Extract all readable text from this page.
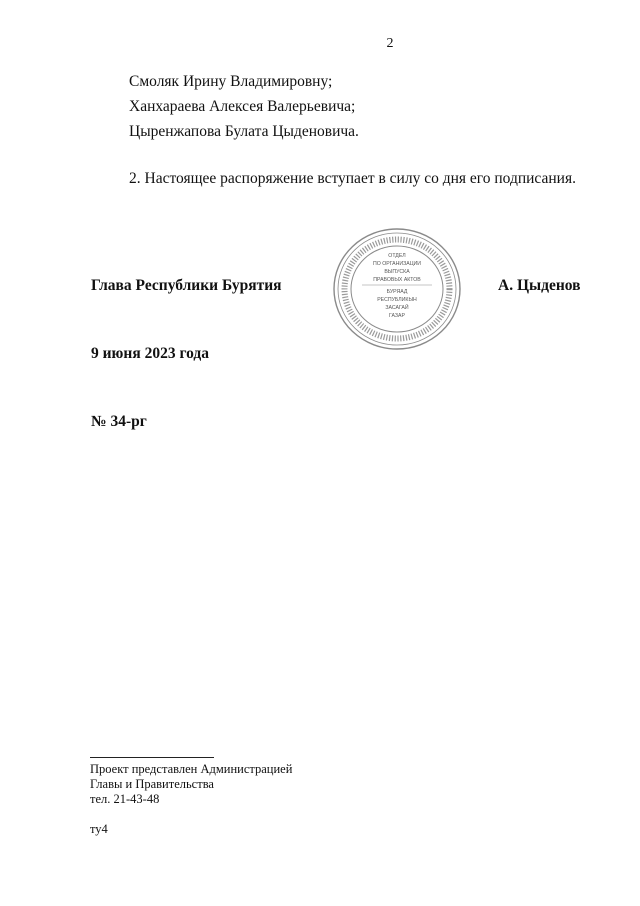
2
Смоляк Ирину Владимировну;
Ханхараева Алексея Валерьевича;
Цыренжапова Булата Цыденовича.
2. Настоящее распоряжение вступает в силу со дня его подписания.
Глава Республики Бурятия	А. Цыденов
ОТДЕЛ
ПО ОРГАНИЗАЦИИ
ВЫПУСКА
ПРАВОВЫХ АКТОВ
БУРЯАД
РЕСПУБЛИКЫН
ЗАСАГАЙ
ГАЗАР
9 июня 2023 года
№ 34-рг
Проект представлен Администрацией
Главы и Правительства
тел. 21-43-48
ту4
